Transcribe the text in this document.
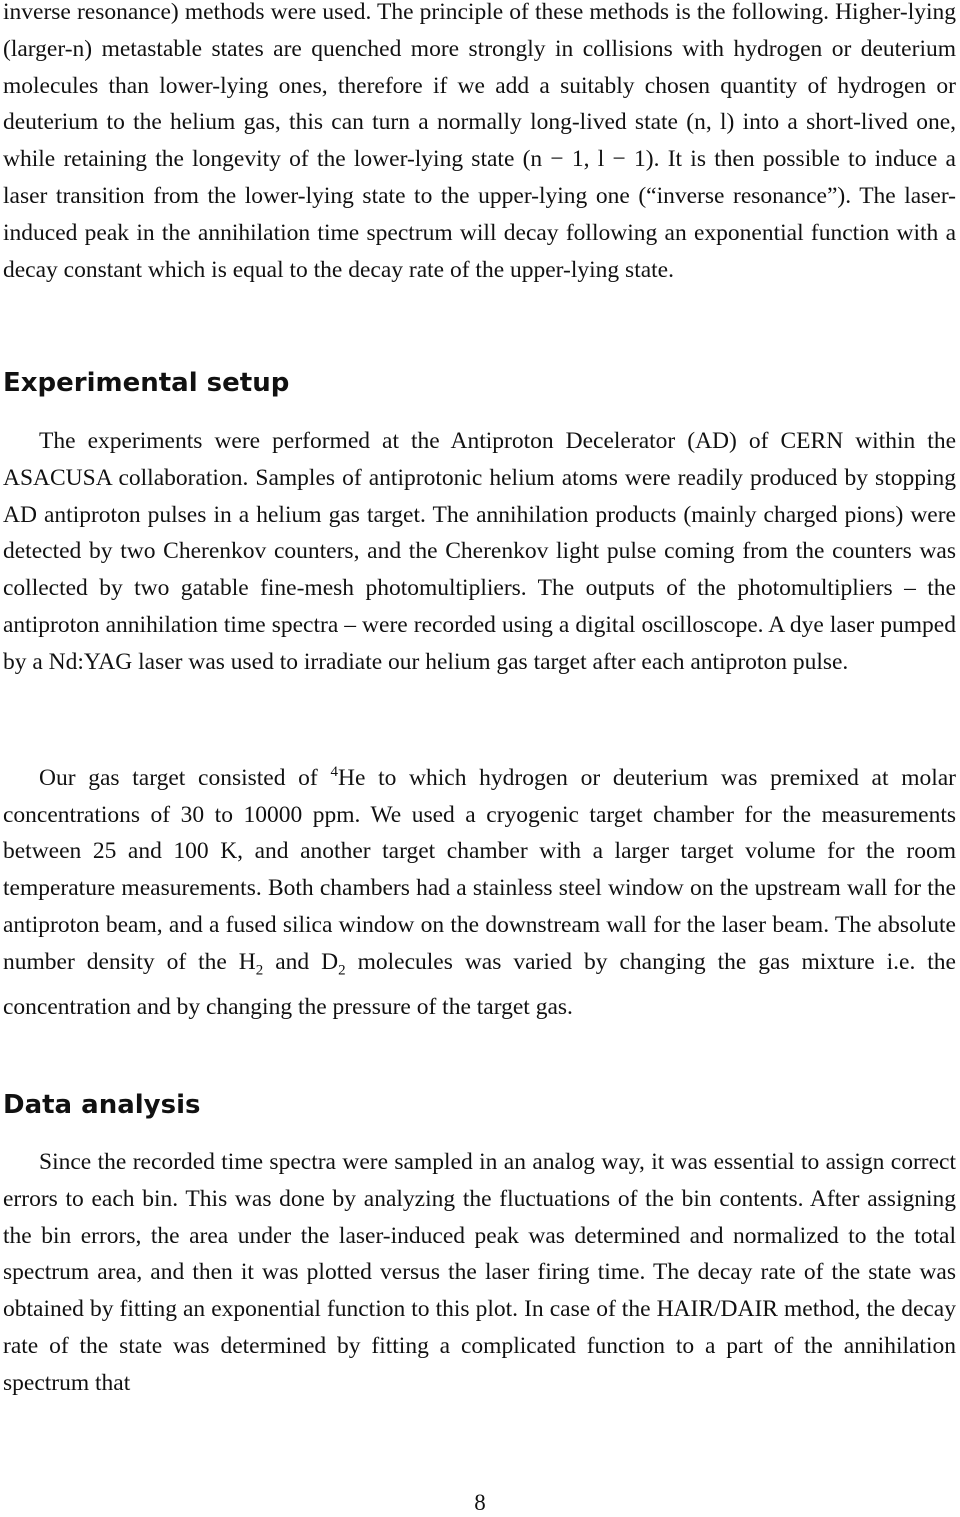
inverse resonance) methods were used. The principle of these methods is the following. Higher-lying (larger-n) metastable states are quenched more strongly in collisions with hydrogen or deuterium molecules than lower-lying ones, therefore if we add a suitably chosen quantity of hydrogen or deuterium to the helium gas, this can turn a normally long-lived state (n, l) into a short-lived one, while retaining the longevity of the lower-lying state (n − 1, l − 1). It is then possible to induce a laser transition from the lower-lying state to the upper-lying one (“inverse resonance”). The laser-induced peak in the annihilation time spectrum will decay following an exponential function with a decay constant which is equal to the decay rate of the upper-lying state.

Experimental setup

The experiments were performed at the Antiproton Decelerator (AD) of CERN within the ASACUSA collaboration. Samples of antiprotonic helium atoms were readily produced by stopping AD antiproton pulses in a helium gas target. The annihilation products (mainly charged pions) were detected by two Cherenkov counters, and the Cherenkov light pulse coming from the counters was collected by two gatable fine-mesh photomultipliers. The outputs of the photomultipliers – the antiproton annihilation time spectra – were recorded using a digital oscilloscope. A dye laser pumped by a Nd:YAG laser was used to irradiate our helium gas target after each antiproton pulse.

Our gas target consisted of $^4$He to which hydrogen or deuterium was premixed at molar concentrations of 30 to 10000 ppm. We used a cryogenic target chamber for the measurements between 25 and 100 K, and another target chamber with a larger target volume for the room temperature measurements. Both chambers had a stainless steel window on the upstream wall for the antiproton beam, and a fused silica window on the downstream wall for the laser beam. The absolute number density of the $H_2$ and $D_2$ molecules was varied by changing the gas mixture i.e. the concentration and by changing the pressure of the target gas.

Data analysis

Since the recorded time spectra were sampled in an analog way, it was essential to assign correct errors to each bin. This was done by analyzing the fluctuations of the bin contents. After assigning the bin errors, the area under the laser-induced peak was determined and normalized to the total spectrum area, and then it was plotted versus the laser firing time. The decay rate of the state was obtained by fitting an exponential function to this plot. In case of the HAIR/DAIR method, the decay rate of the state was determined by fitting a complicated function to a part of the annihilation spectrum that

8
